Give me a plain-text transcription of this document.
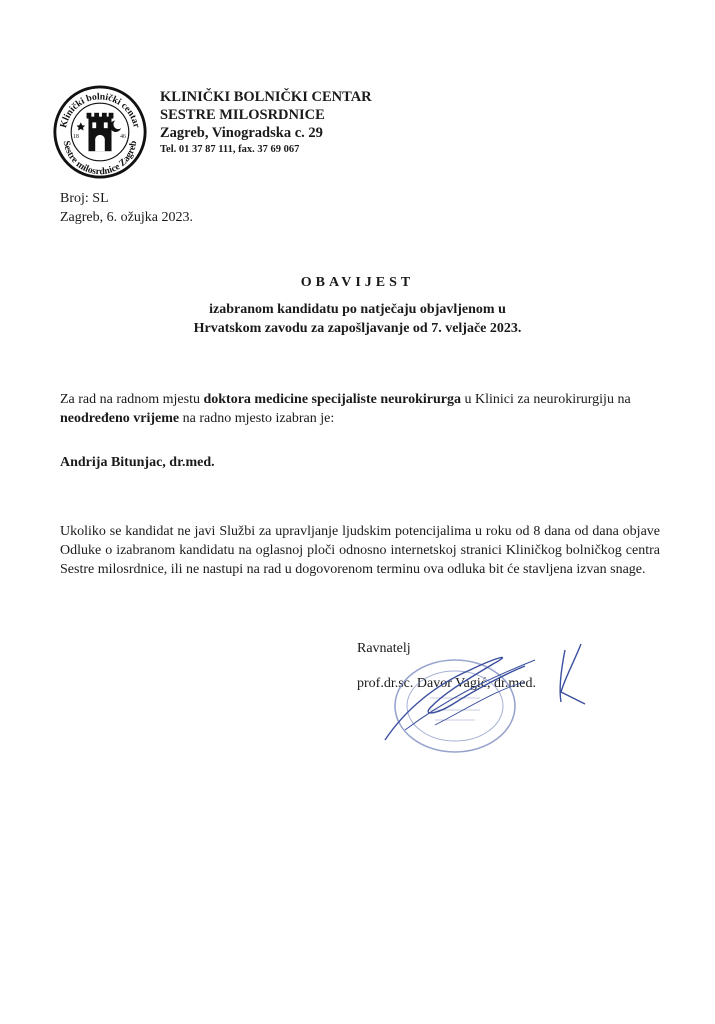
Klinički bolnički centar
Sestre milosrdnice Zagreb
18	46
KLINIČKI BOLNIČKI CENTAR
SESTRE MILOSRDNICE
Zagreb, Vinogradska c. 29
Tel. 01 37 87 111, fax. 37 69 067
Broj: SL
Zagreb, 6. ožujka 2023.
OBAVIJEST
izabranom kandidatu po natječaju objavljenom u
Hrvatskom zavodu za zapošljavanje od 7. veljače 2023.
Za rad na radnom mjestu doktora medicine specijaliste neurokirurga u Klinici za neurokirurgiju na neodređeno vrijeme na radno mjesto izabran je:
Andrija Bitunjac, dr.med.
Ukoliko se kandidat ne javi Službi za upravljanje ljudskim potencijalima u roku od 8 dana od dana objave Odluke o izabranom kandidatu na oglasnoj ploči odnosno internetskoj stranici Kliničkog bolničkog centra Sestre milosrdnice, ili ne nastupi na rad u dogovorenom terminu ova odluka bit će stavljena izvan snage.
Ravnatelj
prof.dr.sc. Davor Vagić, dr.med.
